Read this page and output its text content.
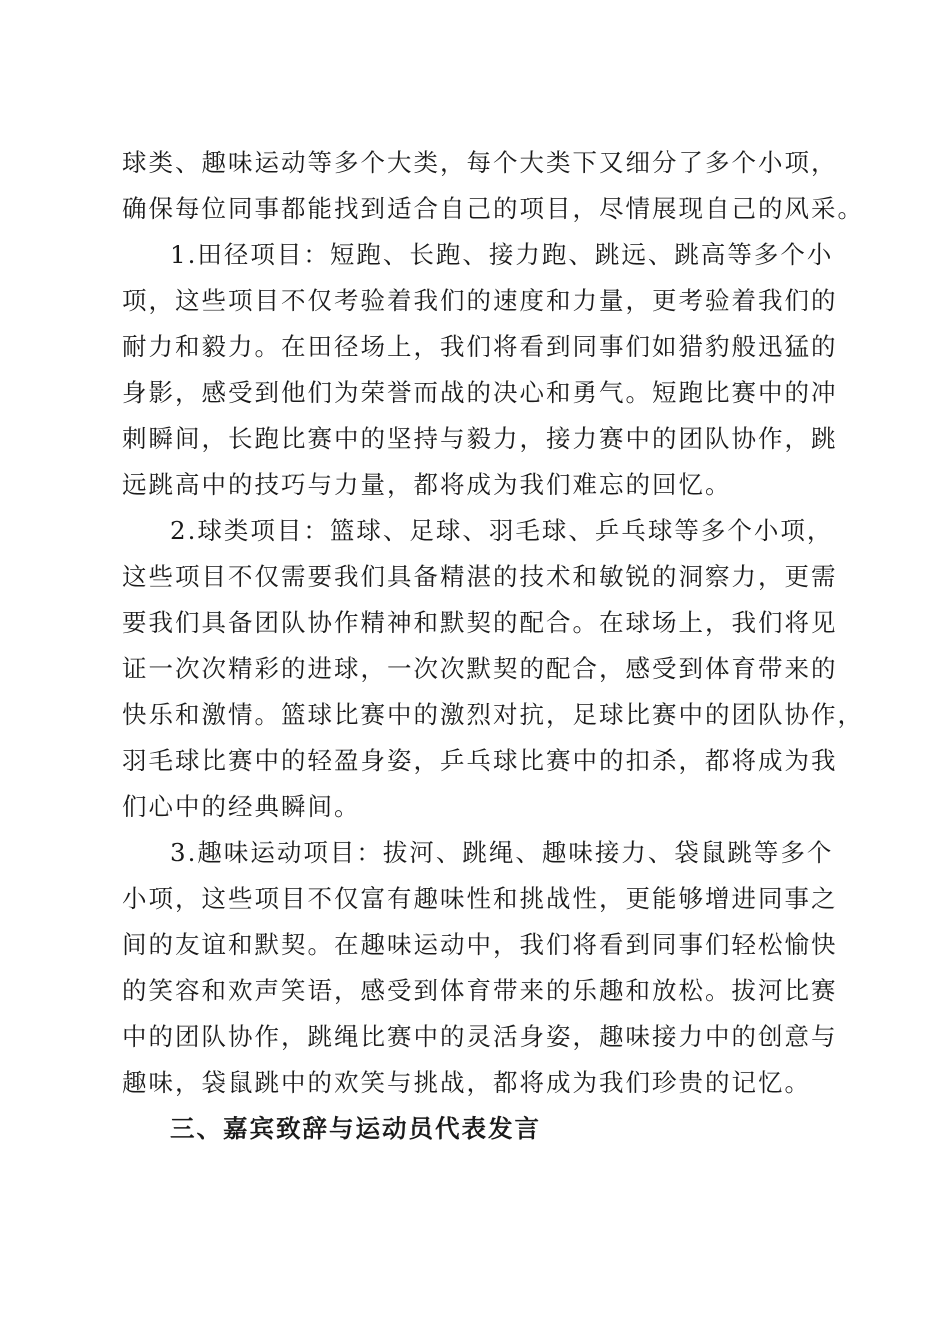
球类、趣味运动等多个大类，每个大类下又细分了多个小项，
确保每位同事都能找到适合自己的项目，尽情展现自己的风采。
1.田径项目：短跑、长跑、接力跑、跳远、跳高等多个小
项，这些项目不仅考验着我们的速度和力量，更考验着我们的
耐力和毅力。在田径场上，我们将看到同事们如猎豹般迅猛的
身影，感受到他们为荣誉而战的决心和勇气。短跑比赛中的冲
刺瞬间，长跑比赛中的坚持与毅力，接力赛中的团队协作，跳
远跳高中的技巧与力量，都将成为我们难忘的回忆。
2.球类项目：篮球、足球、羽毛球、乒乓球等多个小项，
这些项目不仅需要我们具备精湛的技术和敏锐的洞察力，更需
要我们具备团队协作精神和默契的配合。在球场上，我们将见
证一次次精彩的进球，一次次默契的配合，感受到体育带来的
快乐和激情。篮球比赛中的激烈对抗，足球比赛中的团队协作，
羽毛球比赛中的轻盈身姿，乒乓球比赛中的扣杀，都将成为我
们心中的经典瞬间。
3.趣味运动项目：拔河、跳绳、趣味接力、袋鼠跳等多个
小项，这些项目不仅富有趣味性和挑战性，更能够增进同事之
间的友谊和默契。在趣味运动中，我们将看到同事们轻松愉快
的笑容和欢声笑语，感受到体育带来的乐趣和放松。拔河比赛
中的团队协作，跳绳比赛中的灵活身姿，趣味接力中的创意与
趣味，袋鼠跳中的欢笑与挑战，都将成为我们珍贵的记忆。
三、嘉宾致辞与运动员代表发言
